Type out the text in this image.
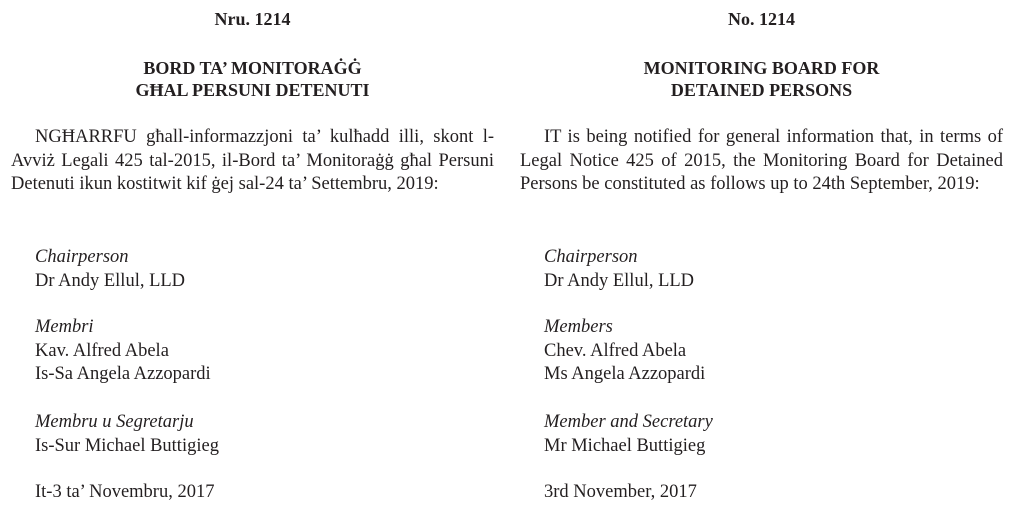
Nru. 1214
BORD TA’ MONITORAĠĠ
GĦAL PERSUNI DETENUTI

NGĦARRFU għall-informazzjoni ta’ kulħadd illi, skont l-Avviż Legali 425 tal-2015, il-Bord ta’ Monitoraġġ għal Persuni Detenuti ikun kostitwit kif ġej sal-24 ta’ Settembru, 2019:

Chairperson
Dr Andy Ellul, LLD
Membri
Kav. Alfred Abela
Is-Sa Angela Azzopardi
Membru u Segretarju
Is-Sur Michael Buttigieg
It-3 ta’ Novembru, 2017
No. 1214
MONITORING BOARD FOR
DETAINED PERSONS

IT is being notified for general information that, in terms of Legal Notice 425 of 2015, the Monitoring Board for Detained Persons be constituted as follows up to 24th September, 2019:

Chairperson
Dr Andy Ellul, LLD
Members
Chev. Alfred Abela
Ms Angela Azzopardi
Member and Secretary
Mr Michael Buttigieg
3rd November, 2017
